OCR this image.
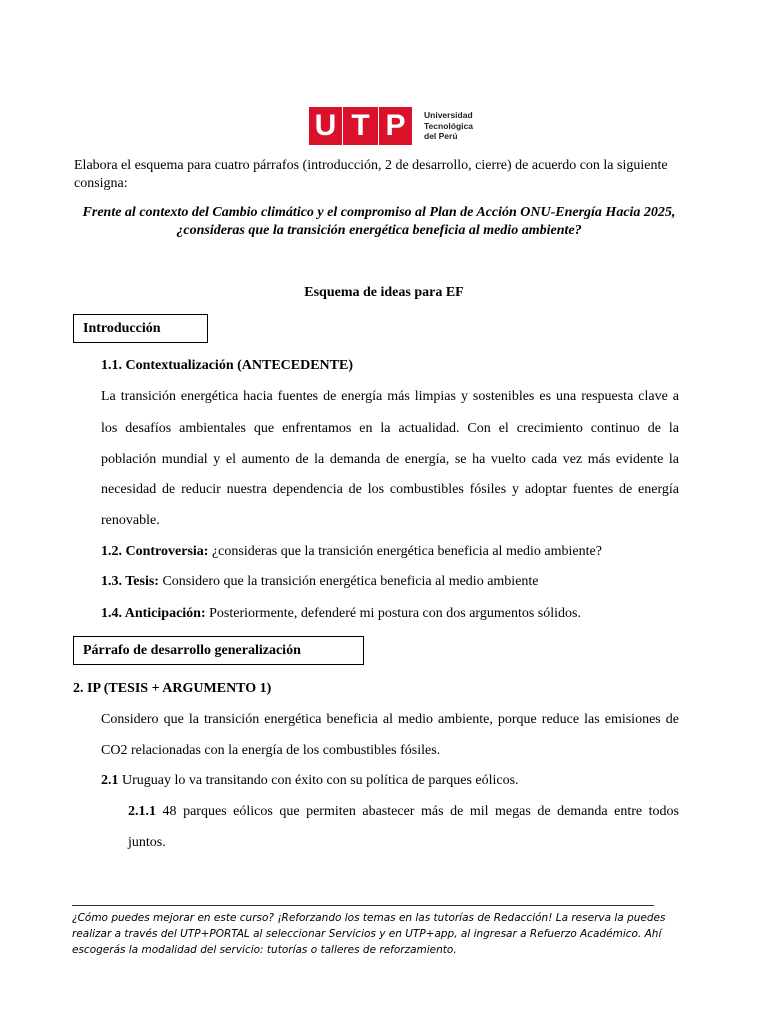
U T P	Universidad
Tecnológica
del Perú
Elabora el esquema para cuatro párrafos (introducción, 2 de desarrollo, cierre) de acuerdo con la siguiente consigna:
Frente al contexto del Cambio climático y el compromiso al Plan de Acción ONU-Energía Hacia 2025,
¿consideras que la transición energética beneficia al medio ambiente?
Esquema de ideas para EF
Introducción
1.1. Contextualización (ANTECEDENTE)
La transición energética hacia fuentes de energía más limpias y sostenibles es una respuesta clave a
los desafíos ambientales que enfrentamos en la actualidad. Con el crecimiento continuo de la
población mundial y el aumento de la demanda de energía, se ha vuelto cada vez más evidente la
necesidad de reducir nuestra dependencia de los combustibles fósiles y adoptar fuentes de energía
renovable.
1.2. Controversia: ¿consideras que la transición energética beneficia al medio ambiente?
1.3. Tesis: Considero que la transición energética beneficia al medio ambiente
1.4. Anticipación: Posteriormente, defenderé mi postura con dos argumentos sólidos.
Párrafo de desarrollo generalización
2. IP (TESIS + ARGUMENTO 1)
Considero que la transición energética beneficia al medio ambiente, porque reduce las emisiones de
CO2 relacionadas con la energía de los combustibles fósiles.
2.1 Uruguay lo va transitando con éxito con su política de parques eólicos.
2.1.1 48 parques eólicos que permiten abastecer más de mil megas de demanda entre todos
juntos.
¿Cómo puedes mejorar en este curso? ¡Reforzando los temas en las tutorías de Redacción! La reserva la puedes
realizar a través del UTP+PORTAL al seleccionar Servicios y en UTP+app, al ingresar a Refuerzo Académico. Ahí
escogerás la modalidad del servicio: tutorías o talleres de reforzamiento.
